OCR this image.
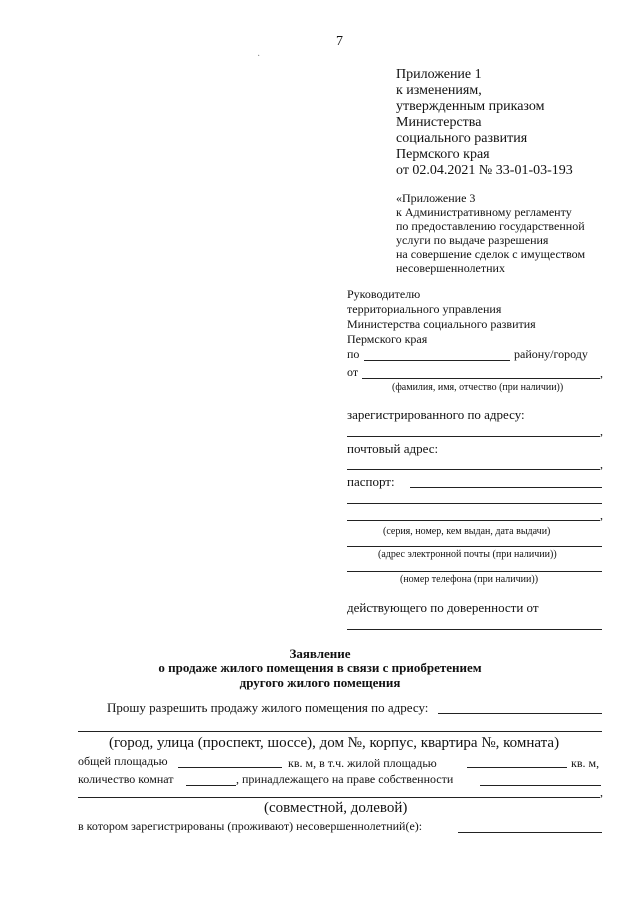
7
·
Приложение 1
к изменениям,
утвержденным приказом
Министерства
социального развития
Пермского края
от 02.04.2021 № 33-01-03-193
«Приложение 3
к Административному регламенту
по предоставлению государственной
услуги по выдаче разрешения
на совершение сделок с имуществом
несовершеннолетних
Руководителю
территориального управления
Министерства социального развития
Пермского края
по	району/городу
от	,
(фамилия, имя, отчество (при наличии))
зарегистрированного по адресу:
,
почтовый адрес:
,
паспорт:
,
(серия, номер, кем выдан, дата выдачи)
(адрес электронной почты (при наличии))
(номер телефона (при наличии))
действующего по доверенности от
Заявление
о продаже жилого помещения в связи с приобретением
другого жилого помещения
Прошу разрешить продажу жилого помещения по адресу:
(город, улица (проспект, шоссе), дом №, корпус, квартира №, комната)
общей площадью	кв. м, в т.ч. жилой площадью	кв. м,
количество комнат	, принадлежащего на праве собственности
,
(совместной, долевой)
в котором зарегистрированы (проживают) несовершеннолетний(е):
